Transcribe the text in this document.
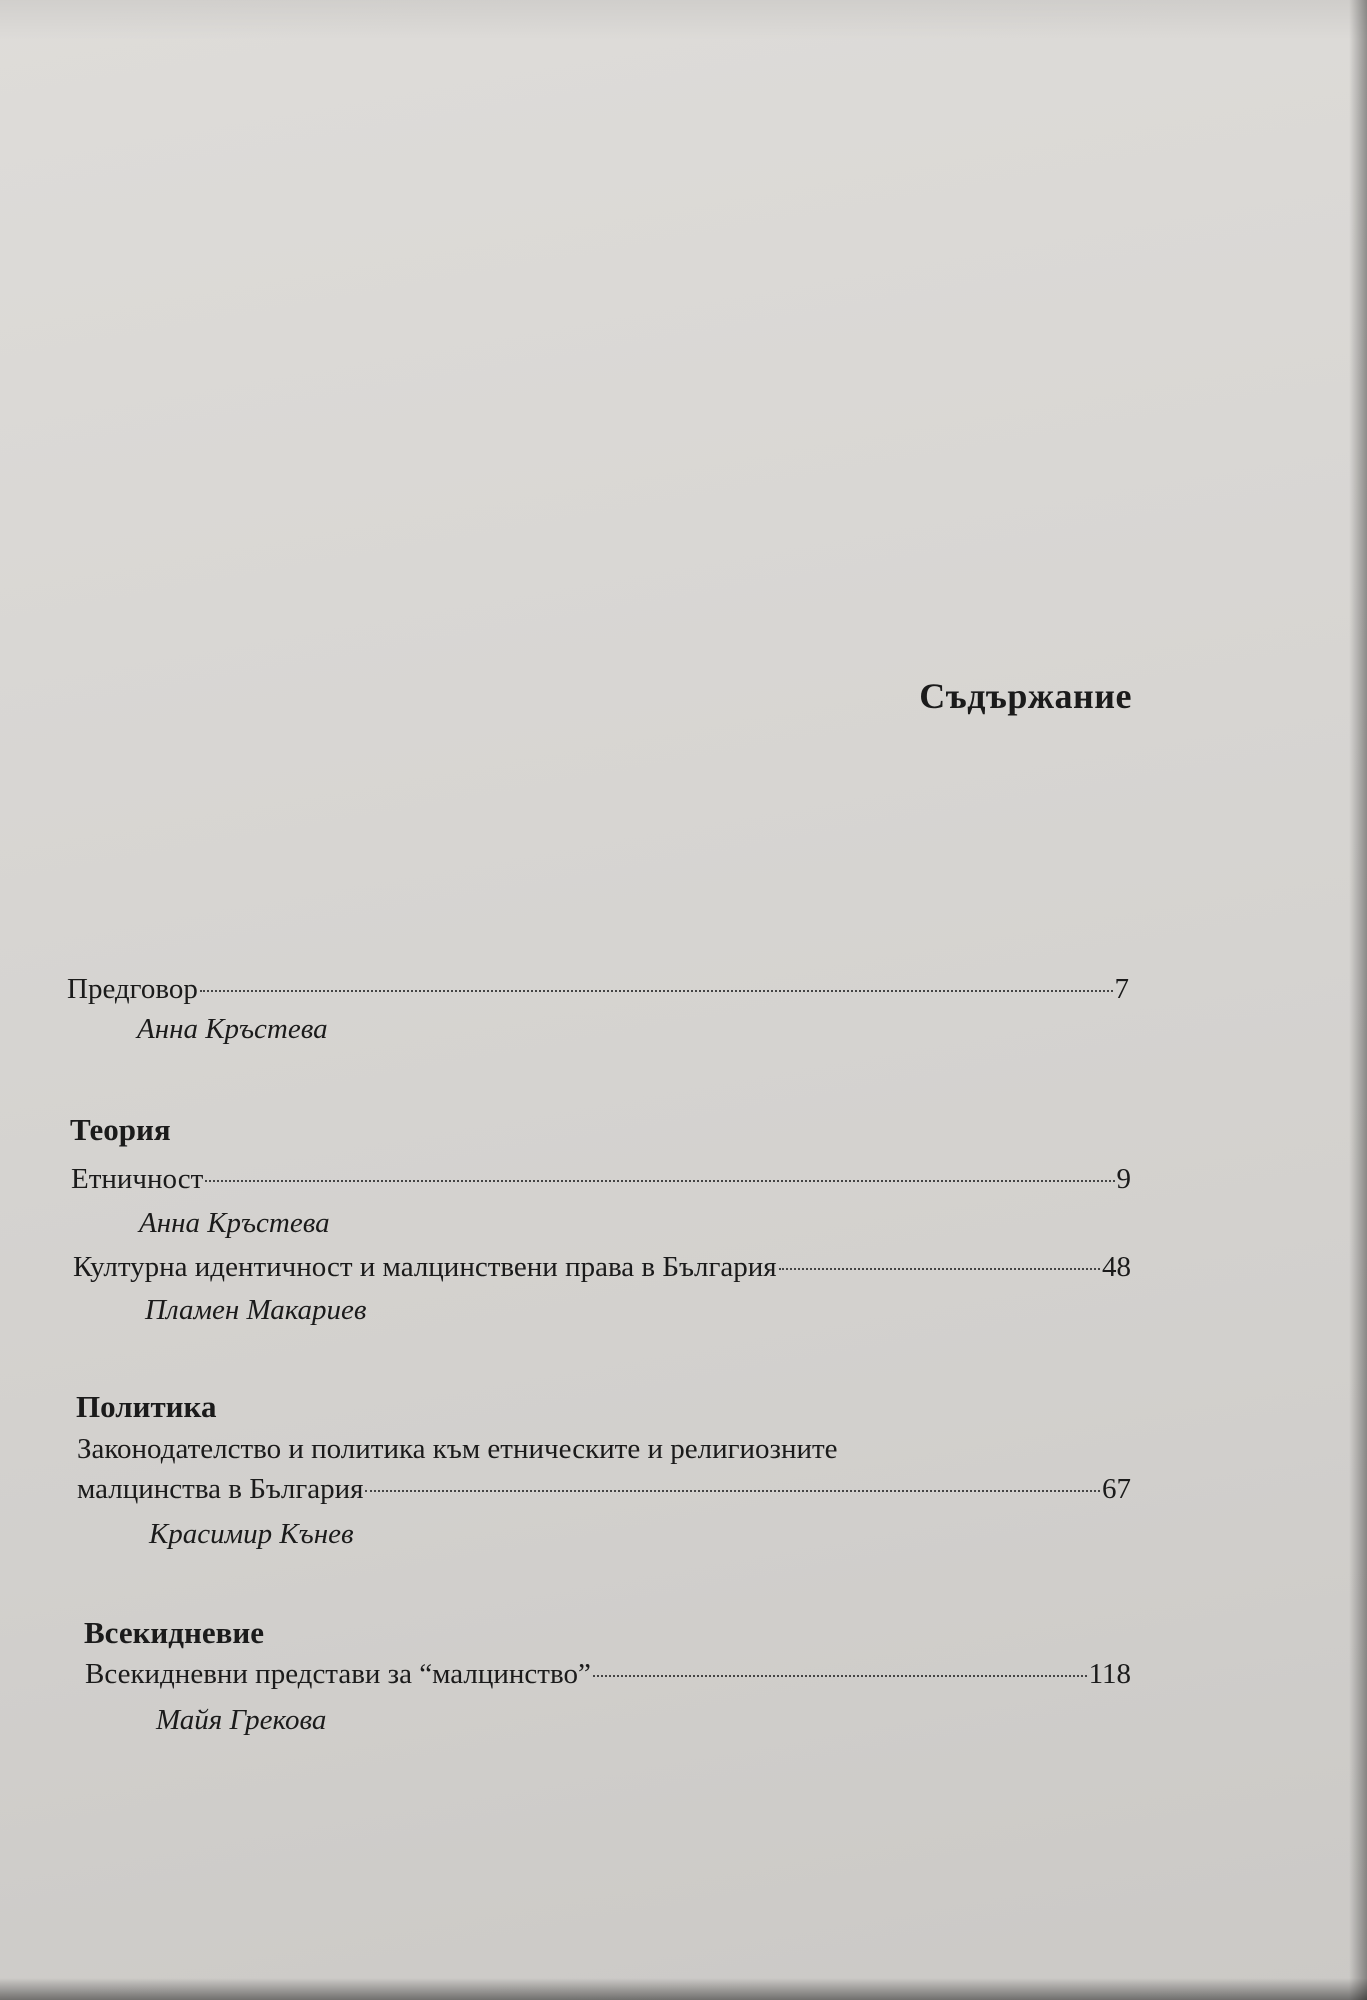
Съдържание
Предговор	7
Анна Кръстева
Теория
Етничност	9
Анна Кръстева
Културна идентичност и малцинствени права в България	48
Пламен Макариев
Политика
Законодателство и политика към етническите и религиозните
малцинства в България	67
Красимир Кънев
Всекидневие
Всекидневни представи за “малцинство”	118
Майя Грекова
